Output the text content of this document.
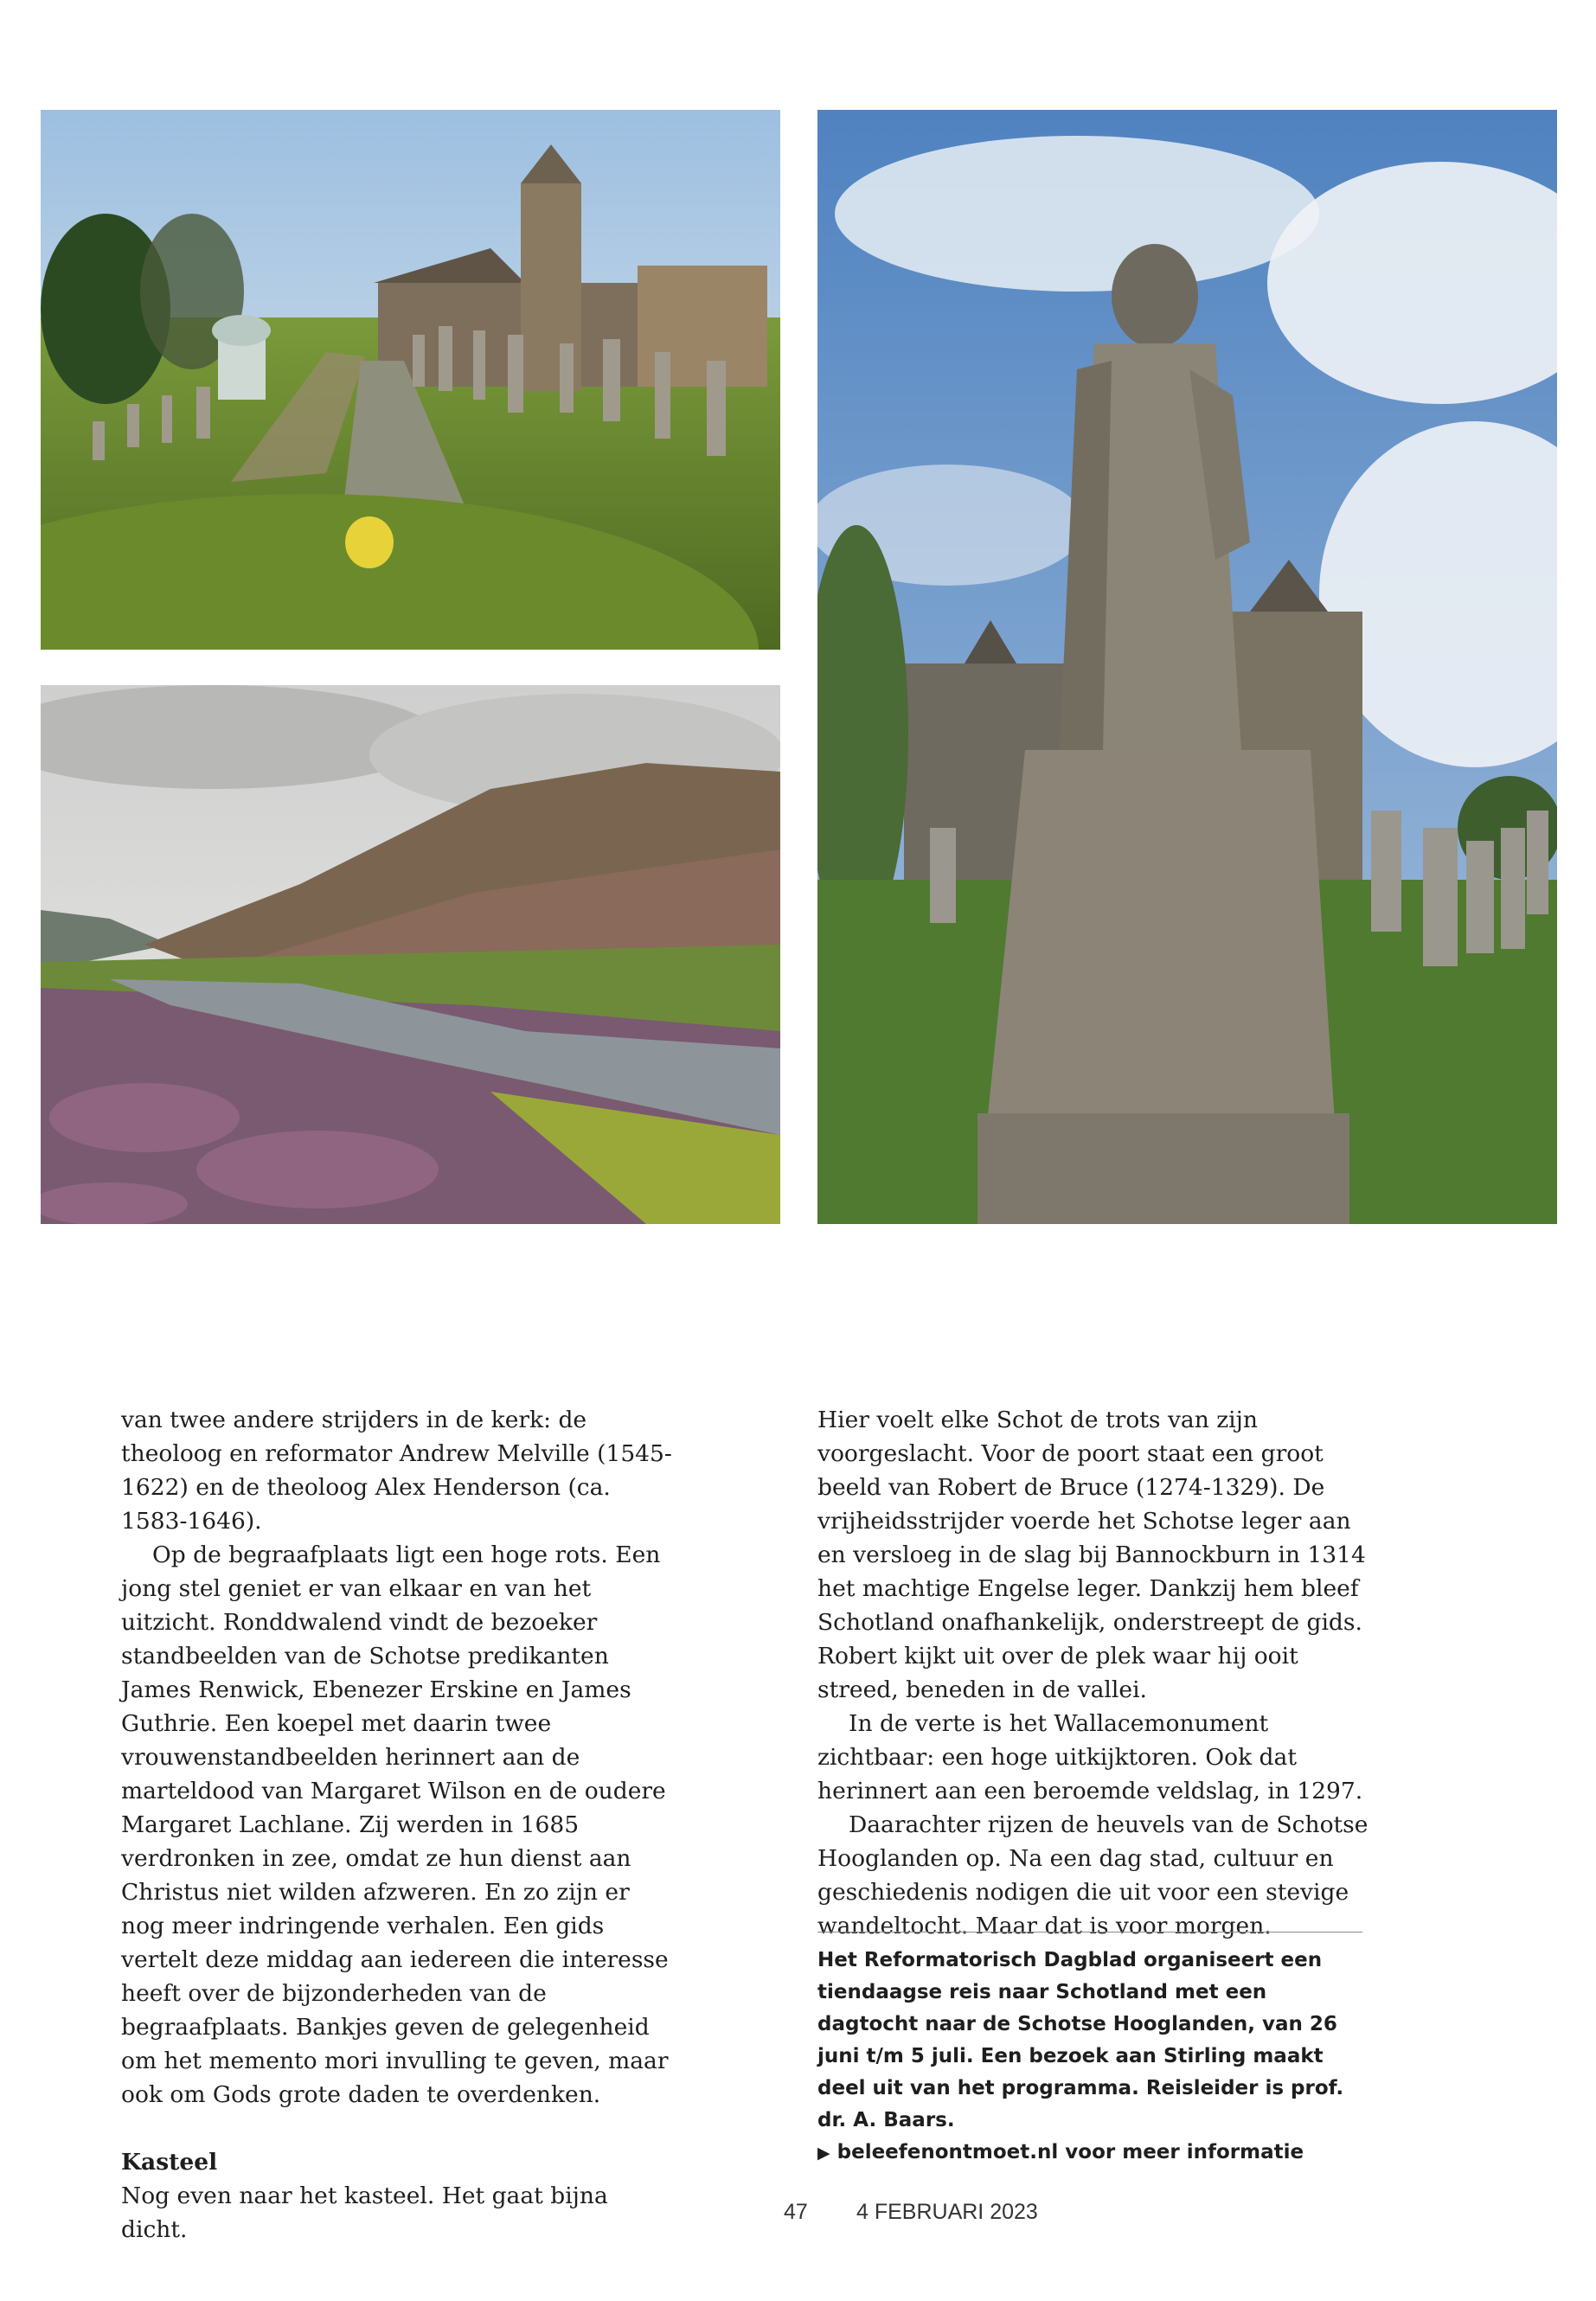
van twee andere strijders in de kerk: de theoloog en reformator Andrew Melville (1545-1622) en de theoloog Alex Henderson (ca. 1583-1646).

Op de begraafplaats ligt een hoge rots. Een jong stel geniet er van elkaar en van het uitzicht. Ronddwalend vindt de bezoeker standbeelden van de Schotse predikanten James Renwick, Ebenezer Erskine en James Guthrie. Een koepel met daarin twee vrouwenstandbeelden herinnert aan de marteldood van Margaret Wilson en de oudere Margaret Lachlane. Zij werden in 1685 verdronken in zee, omdat ze hun dienst aan Christus niet wilden afzweren. En zo zijn er nog meer indringende verhalen. Een gids vertelt deze middag aan iedereen die interesse heeft over de bijzonderheden van de begraafplaats. Bankjes geven de gelegenheid om het memento mori invulling te geven, maar ook om Gods grote daden te overdenken.

Kasteel

Nog even naar het kasteel. Het gaat bijna dicht.

Hier voelt elke Schot de trots van zijn voorgeslacht. Voor de poort staat een groot beeld van Robert de Bruce (1274-1329). De vrijheidsstrijder voerde het Schotse leger aan en versloeg in de slag bij Bannockburn in 1314 het machtige Engelse leger. Dankzij hem bleef Schotland onafhankelijk, onderstreept de gids. Robert kijkt uit over de plek waar hij ooit streed, beneden in de vallei.

In de verte is het Wallacemonument zichtbaar: een hoge uitkijktoren. Ook dat herinnert aan een beroemde veldslag, in 1297.

Daarachter rijzen de heuvels van de Schotse Hooglanden op. Na een dag stad, cultuur en geschiedenis nodigen die uit voor een stevige wandeltocht. Maar dat is voor morgen.

Het Reformatorisch Dagblad organiseert een tiendaagse reis naar Schotland met een dagtocht naar de Schotse Hooglanden, van 26 juni t/m 5 juli. Een bezoek aan Stirling maakt deel uit van het programma. Reisleider is prof. dr. A. Baars.
▶ beleefenontmoet.nl voor meer informatie
47 4 FEBRUARI 2023
